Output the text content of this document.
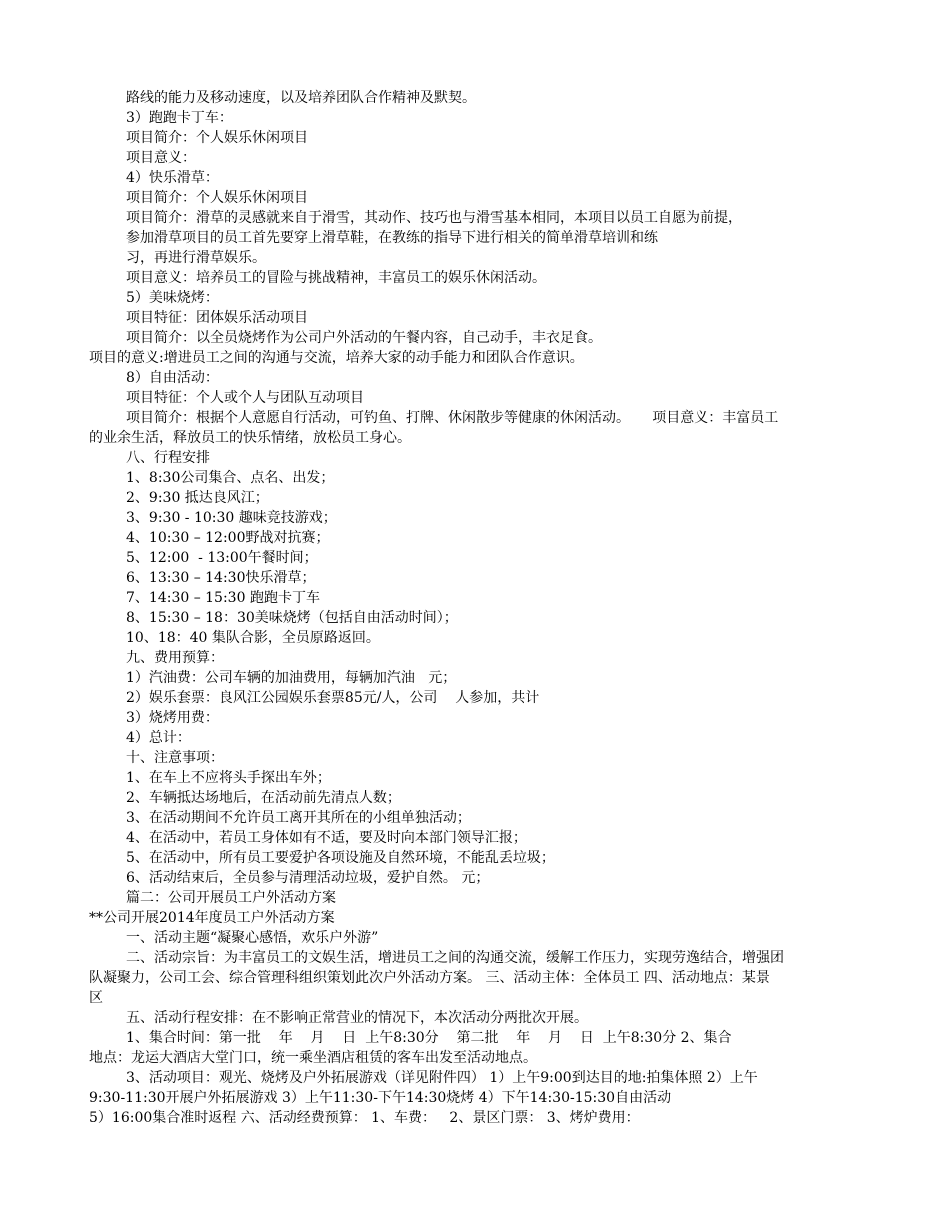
路线的能力及移动速度，以及培养团队合作精神及默契。
3）跑跑卡丁车：
项目简介：个人娱乐休闲项目
项目意义：
4）快乐滑草：
项目简介：个人娱乐休闲项目
项目简介：滑草的灵感就来自于滑雪，其动作、技巧也与滑雪基本相同，本项目以员工自愿为前提，
参加滑草项目的员工首先要穿上滑草鞋，在教练的指导下进行相关的简单滑草培训和练
习，再进行滑草娱乐。
项目意义：培养员工的冒险与挑战精神，丰富员工的娱乐休闲活动。
5）美味烧烤：
项目特征：团体娱乐活动项目
项目简介：以全员烧烤作为公司户外活动的午餐内容，自己动手，丰衣足食。
项目的意义:增进员工之间的沟通与交流，培养大家的动手能力和团队合作意识。
8）自由活动：
项目特征：个人或个人与团队互动项目
项目简介：根据个人意愿自行活动，可钓鱼、打牌、休闲散步等健康的休闲活动。     项目意义：丰富员工
的业余生活，释放员工的快乐情绪，放松员工身心。
八、行程安排
1、8:30公司集合、点名、出发；
2、9:30 抵达良风江；
3、9:30 - 10:30 趣味竞技游戏；
4、10:30 – 12:00野战对抗赛；
5、12:00  - 13:00午餐时间；
6、13:30 – 14:30快乐滑草；
7、14:30 – 15:30 跑跑卡丁车
8、15:30 – 18：30美味烧烤（包括自由活动时间）；
10、18：40 集队合影，全员原路返回。
九、费用预算：
1）汽油费：公司车辆的加油费用，每辆加汽油   元；
2）娱乐套票：良风江公园娱乐套票85元/人，公司    人参加，共计
3）烧烤用费：
4）总计：
十、注意事项：
1、在车上不应将头手探出车外；
2、车辆抵达场地后，在活动前先清点人数；
3、在活动期间不允许员工离开其所在的小组单独活动；
4、在活动中，若员工身体如有不适，要及时向本部门领导汇报；
5、在活动中，所有员工要爱护各项设施及自然环境，不能乱丢垃圾；
6、活动结束后，全员参与清理活动垃圾，爱护自然。 元；
篇二：公司开展员工户外活动方案
**公司开展2014年度员工户外活动方案
一、活动主题“凝聚心感悟，欢乐户外游”
二、活动宗旨：为丰富员工的文娱生活，增进员工之间的沟通交流，缓解工作压力，实现劳逸结合，增强团
队凝聚力，公司工会、综合管理科组织策划此次户外活动方案。 三、活动主体：全体员工 四、活动地点：某景
区
五、活动行程安排：在不影响正常营业的情况下，本次活动分两批次开展。
1、集合时间：第一批    年    月    日  上午8:30分    第二批    年    月    日  上午8:30分 2、集合
地点：龙运大酒店大堂门口，统一乘坐酒店租赁的客车出发至活动地点。
3、活动项目：观光、烧烤及户外拓展游戏（详见附件四） 1）上午9:00到达目的地:拍集体照 2）上午
9:30-11:30开展户外拓展游戏 3）上午11:30-下午14:30烧烤 4）下午14:30-15:30自由活动
5）16:00集合准时返程 六、活动经费预算： 1、车费：   2、景区门票： 3、烤炉费用：
